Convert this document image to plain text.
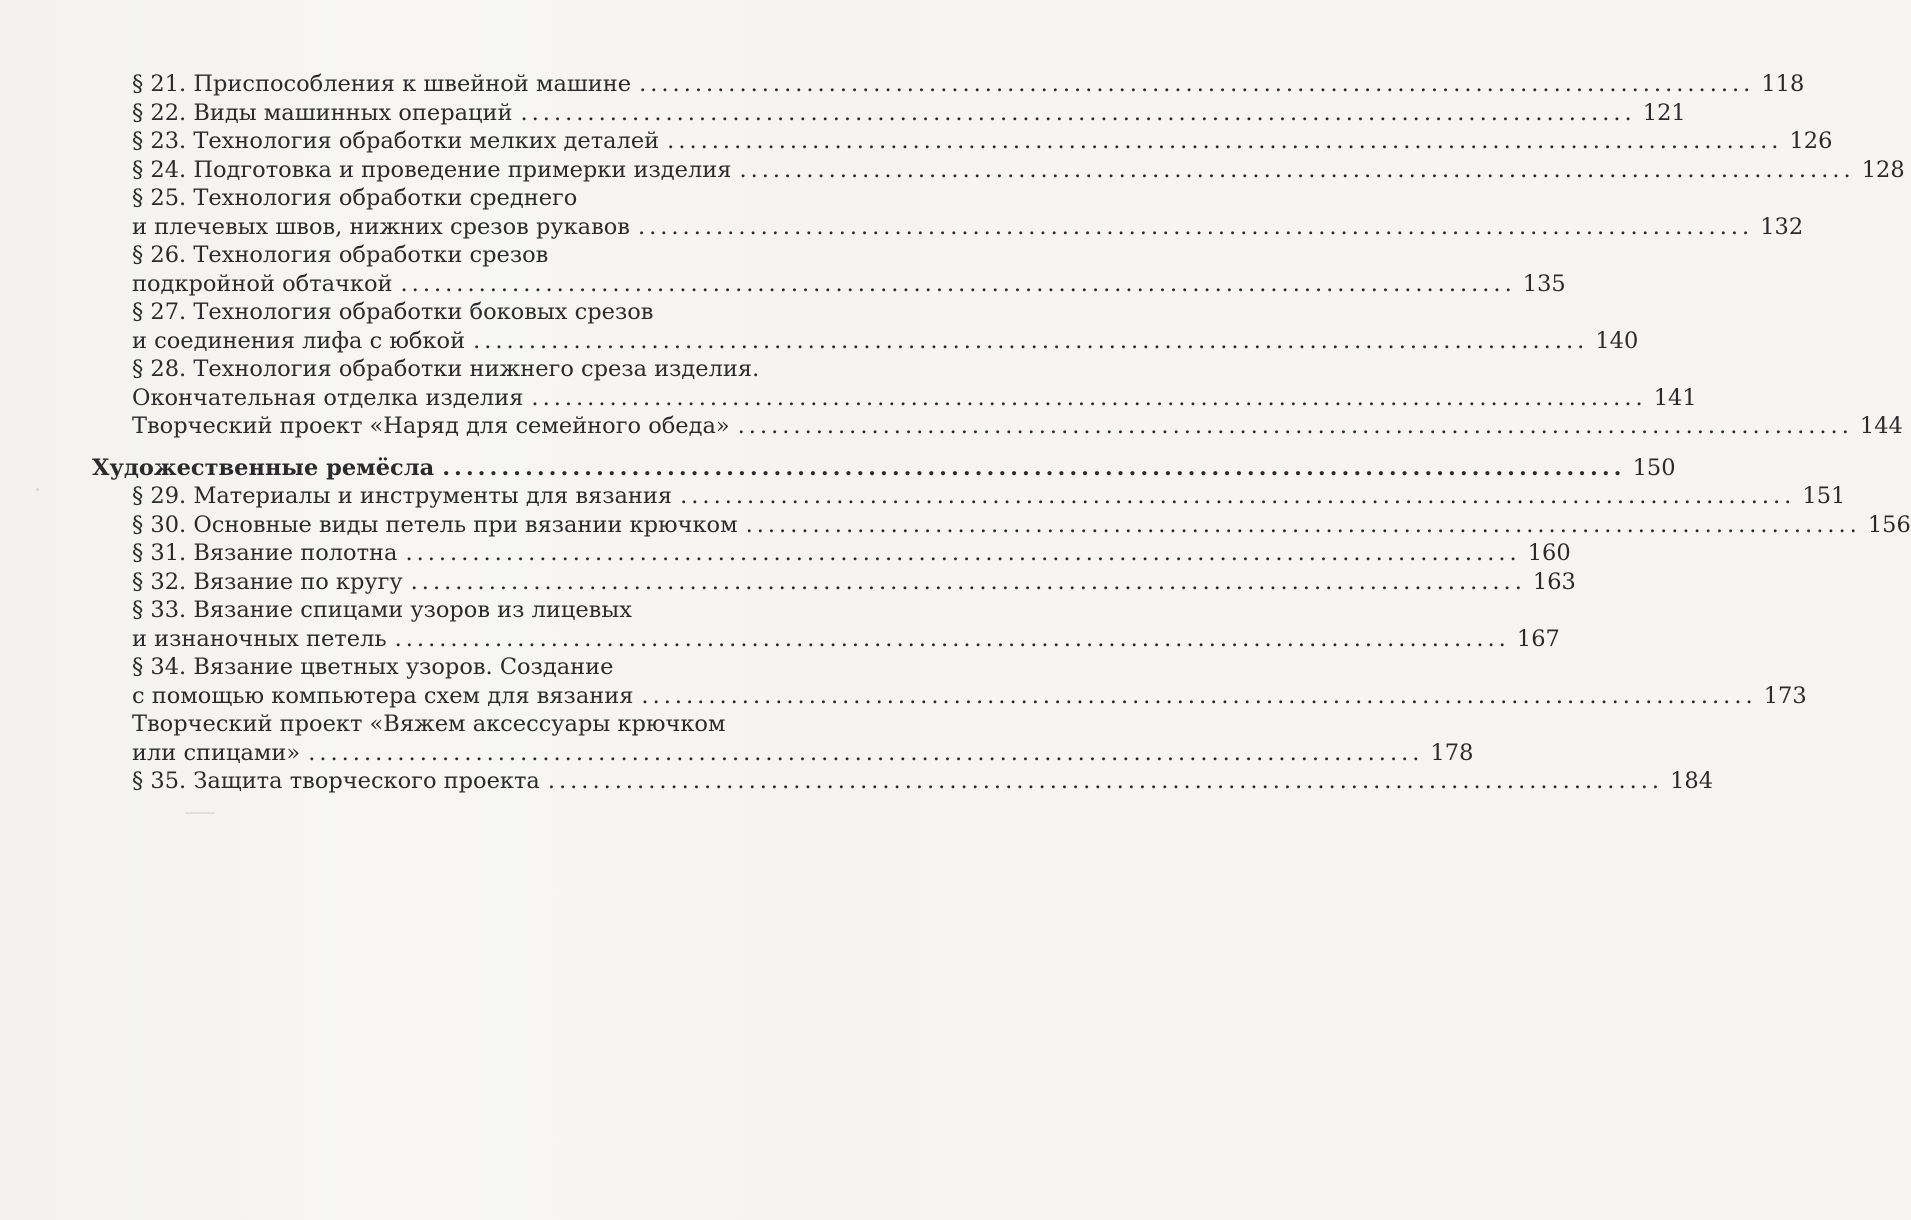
§ 21. Приспособления к швейной машине .................................................................................................... 118
§ 22. Виды машинных операций .................................................................................................... 121
§ 23. Технология обработки мелких деталей .................................................................................................... 126
§ 24. Подготовка и проведение примерки изделия .................................................................................................... 128
§ 25. Технология обработки среднего
и плечевых швов, нижних срезов рукавов .................................................................................................... 132
§ 26. Технология обработки срезов
подкройной обтачкой .................................................................................................... 135
§ 27. Технология обработки боковых срезов
и соединения лифа с юбкой .................................................................................................... 140
§ 28. Технология обработки нижнего среза изделия.
Окончательная отделка изделия .................................................................................................... 141
Творческий проект «Наряд для семейного обеда» .................................................................................................... 144
Художественные ремёсла .................................................................................................... 150
§ 29. Материалы и инструменты для вязания .................................................................................................... 151
§ 30. Основные виды петель при вязании крючком .................................................................................................... 156
§ 31. Вязание полотна .................................................................................................... 160
§ 32. Вязание по кругу .................................................................................................... 163
§ 33. Вязание спицами узоров из лицевых
и изнаночных петель .................................................................................................... 167
§ 34. Вязание цветных узоров. Создание
с помощью компьютера схем для вязания .................................................................................................... 173
Творческий проект «Вяжем аксессуары крючком
или спицами» .................................................................................................... 178
§ 35. Защита творческого проекта .................................................................................................... 184
